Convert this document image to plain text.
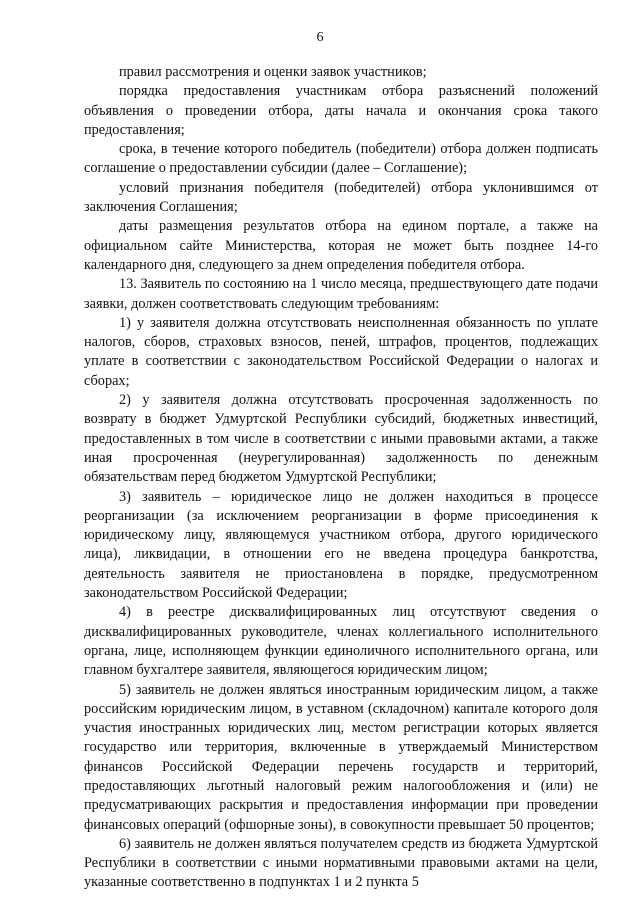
6

правил рассмотрения и оценки заявок участников;

порядка предоставления участникам отбора разъяснений положений объявления о проведении отбора, даты начала и окончания срока такого предоставления;

срока, в течение которого победитель (победители) отбора должен подписать соглашение о предоставлении субсидии (далее – Соглашение);

условий признания победителя (победителей) отбора уклонившимся от заключения Соглашения;

даты размещения результатов отбора на едином портале, а также на официальном сайте Министерства, которая не может быть позднее 14-го календарного дня, следующего за днем определения победителя отбора.

13. Заявитель по состоянию на 1 число месяца, предшествующего дате подачи заявки, должен соответствовать следующим требованиям:

1) у заявителя должна отсутствовать неисполненная обязанность по уплате налогов, сборов, страховых взносов, пеней, штрафов, процентов, подлежащих уплате в соответствии с законодательством Российской Федерации о налогах и сборах;

2) у заявителя должна отсутствовать просроченная задолженность по возврату в бюджет Удмуртской Республики субсидий, бюджетных инвестиций, предоставленных в том числе в соответствии с иными правовыми актами, а также иная просроченная (неурегулированная) задолженность по денежным обязательствам перед бюджетом Удмуртской Республики;

3) заявитель – юридическое лицо не должен находиться в процессе реорганизации (за исключением реорганизации в форме присоединения к юридическому лицу, являющемуся участником отбора, другого юридического лица), ликвидации, в отношении его не введена процедура банкротства, деятельность заявителя не приостановлена в порядке, предусмотренном законодательством Российской Федерации;

4) в реестре дисквалифицированных лиц отсутствуют сведения о дисквалифицированных руководителе, членах коллегиального исполнительного органа, лице, исполняющем функции единоличного исполнительного органа, или главном бухгалтере заявителя, являющегося юридическим лицом;

5) заявитель не должен являться иностранным юридическим лицом, а также российским юридическим лицом, в уставном (складочном) капитале которого доля участия иностранных юридических лиц, местом регистрации которых является государство или территория, включенные в утверждаемый Министерством финансов Российской Федерации перечень государств и территорий, предоставляющих льготный налоговый режим налогообложения и (или) не предусматривающих раскрытия и предоставления информации при проведении финансовых операций (офшорные зоны), в совокупности превышает 50 процентов;

6) заявитель не должен являться получателем средств из бюджета Удмуртской Республики в соответствии с иными нормативными правовыми актами на цели, указанные соответственно в подпунктах 1 и 2 пункта 5
